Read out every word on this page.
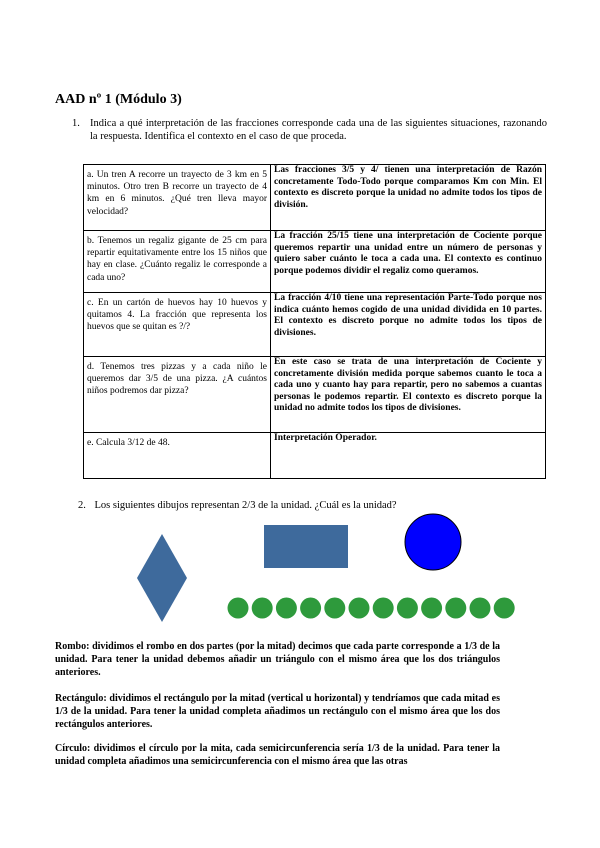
AAD nº 1 (Módulo 3)
1. Indica a qué interpretación de las fracciones corresponde cada una de las siguientes situaciones, razonando la respuesta. Identifica el contexto en el caso de que proceda.
a. Un tren A recorre un trayecto de 3 km en 5 minutos. Otro tren B recorre un trayecto de 4 km en 6 minutos. ¿Qué tren lleva mayor velocidad?	Las fracciones 3/5 y 4/ tienen una interpretación de Razón concretamente Todo-Todo porque comparamos Km con Min. El contexto es discreto porque la unidad no admite todos los tipos de división.
b. Tenemos un regaliz gigante de 25 cm para repartir equitativamente entre los 15 niños que hay en clase. ¿Cuánto regaliz le corresponde a cada uno?	La fracción 25/15 tiene una interpretación de Cociente porque queremos repartir una unidad entre un número de personas y quiero saber cuánto le toca a cada una. El contexto es continuo porque podemos dividir el regaliz como queramos.
c. En un cartón de huevos hay 10 huevos y quitamos 4. La fracción que representa los huevos que se quitan es ?/?	La fracción 4/10 tiene una representación Parte-Todo porque nos indica cuánto hemos cogido de una unidad dividida en 10 partes. El contexto es discreto porque no admite todos los tipos de divisiones.
d. Tenemos tres pizzas y a cada niño le queremos dar 3/5 de una pizza. ¿A cuántos niños podremos dar pizza?	En este caso se trata de una interpretación de Cociente y concretamente división medida porque sabemos cuanto le toca a cada uno y cuanto hay para repartir, pero no sabemos a cuantas personas le podemos repartir. El contexto es discreto porque la unidad no admite todos los tipos de divisiones.
e. Calcula 3/12 de 48.	Interpretación Operador.
2. Los siguientes dibujos representan 2/3 de la unidad. ¿Cuál es la unidad?
Rombo: dividimos el rombo en dos partes (por la mitad) decimos que cada parte corresponde a 1/3 de la unidad. Para tener la unidad debemos añadir un triángulo con el mismo área que los dos triángulos anteriores.
Rectángulo: dividimos el rectángulo por la mitad (vertical u horizontal) y tendríamos que cada mitad es 1/3 de la unidad. Para tener la unidad completa añadimos un rectángulo con el mismo área que los dos rectángulos anteriores.
Círculo: dividimos el círculo por la mita, cada semicircunferencia sería 1/3 de la unidad. Para tener la unidad completa añadimos una semicircunferencia con el mismo área que las otras
